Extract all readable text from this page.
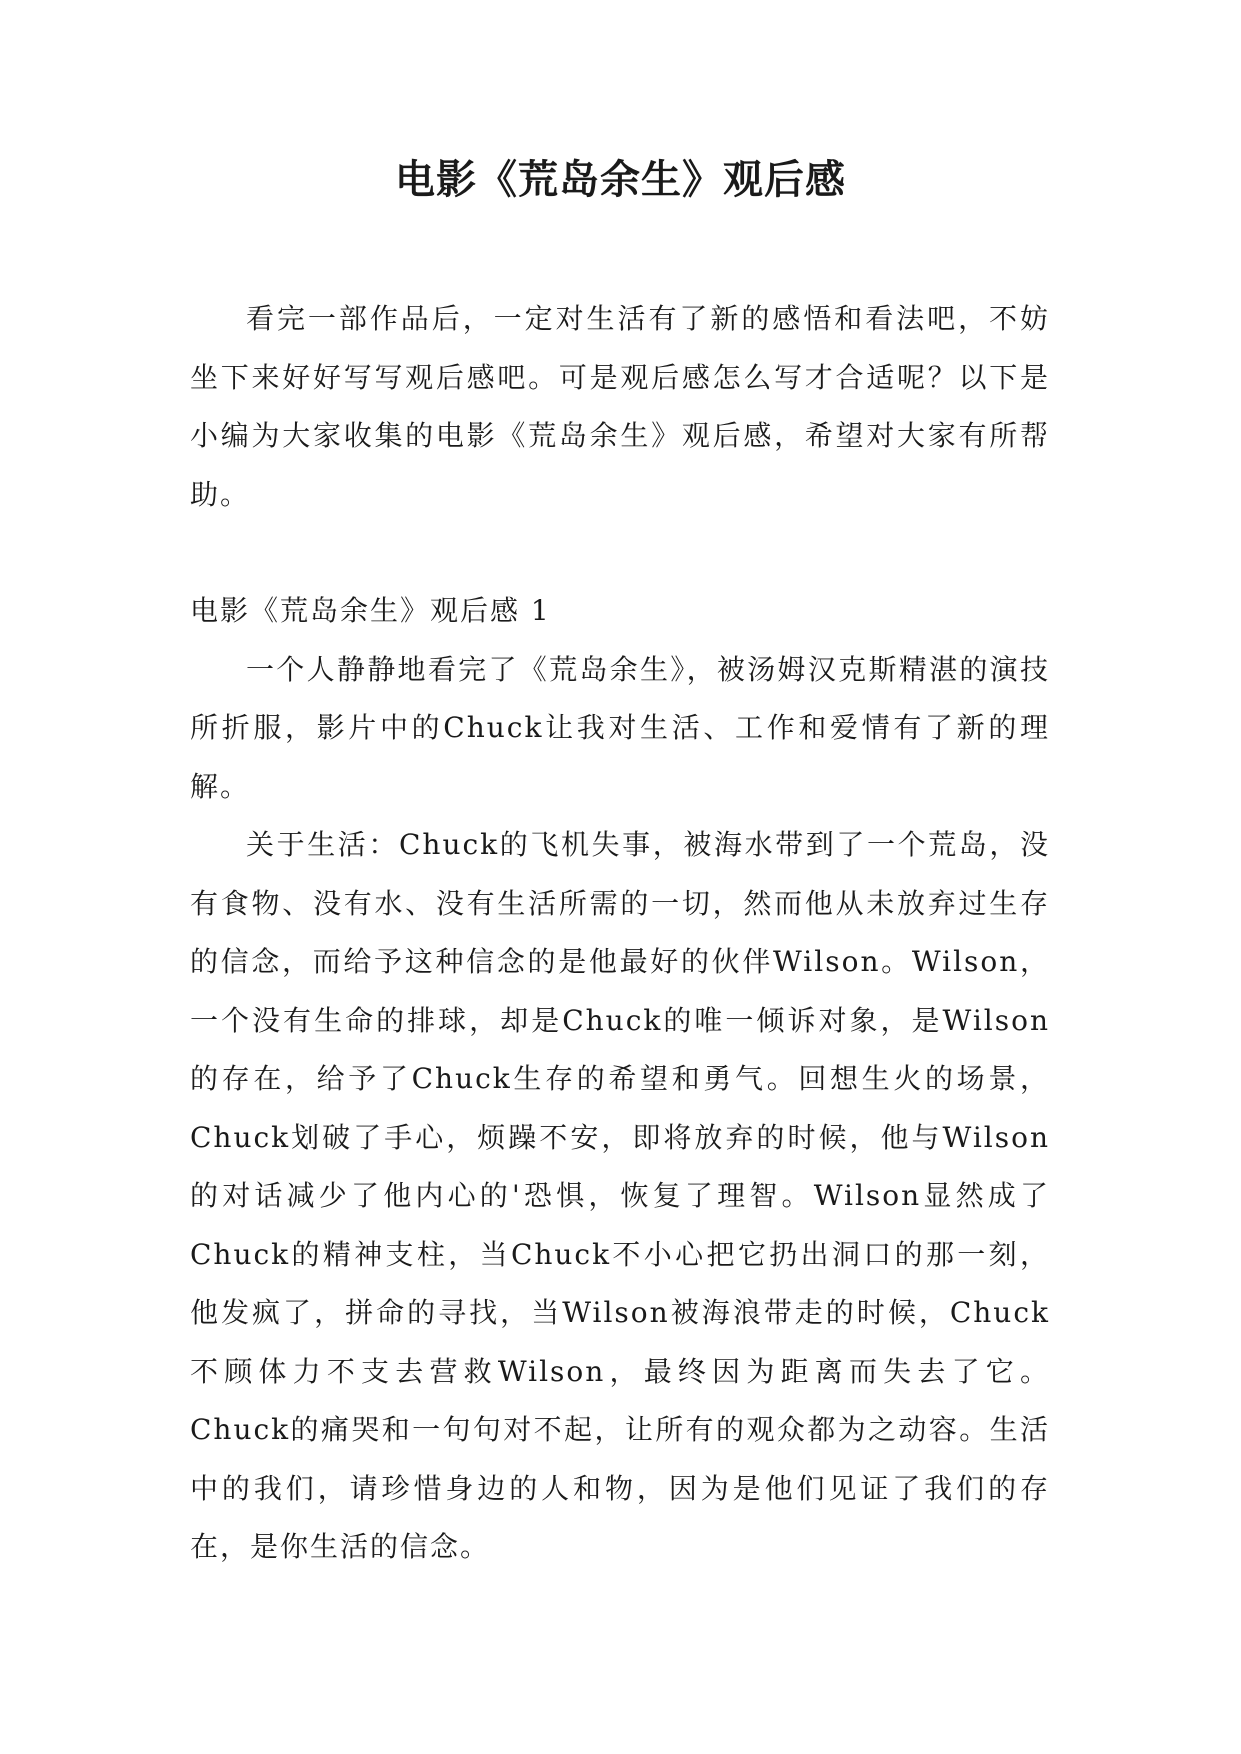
电影《荒岛余生》观后感

看完一部作品后，一定对生活有了新的感悟和看法吧，不妨坐下来好好写写观后感吧。可是观后感怎么写才合适呢？以下是小编为大家收集的电影《荒岛余生》观后感，希望对大家有所帮助。

电影《荒岛余生》观后感 1

一个人静静地看完了《荒岛余生》，被汤姆汉克斯精湛的演技所折服，影片中的Chuck让我对生活、工作和爱情有了新的理解。

关于生活：Chuck的飞机失事，被海水带到了一个荒岛，没有食物、没有水、没有生活所需的一切，然而他从未放弃过生存的信念，而给予这种信念的是他最好的伙伴Wilson。Wilson，一个没有生命的排球，却是Chuck的唯一倾诉对象，是Wilson的存在，给予了Chuck生存的希望和勇气。回想生火的场景，Chuck划破了手心，烦躁不安，即将放弃的时候，他与Wilson的对话减少了他内心的'恐惧，恢复了理智。Wilson显然成了Chuck的精神支柱，当Chuck不小心把它扔出洞口的那一刻，他发疯了，拼命的寻找，当Wilson被海浪带走的时候，Chuck不顾体力不支去营救Wilson，最终因为距离而失去了它。Chuck的痛哭和一句句对不起，让所有的观众都为之动容。生活中的我们，请珍惜身边的人和物，因为是他们见证了我们的存在，是你生活的信念。
